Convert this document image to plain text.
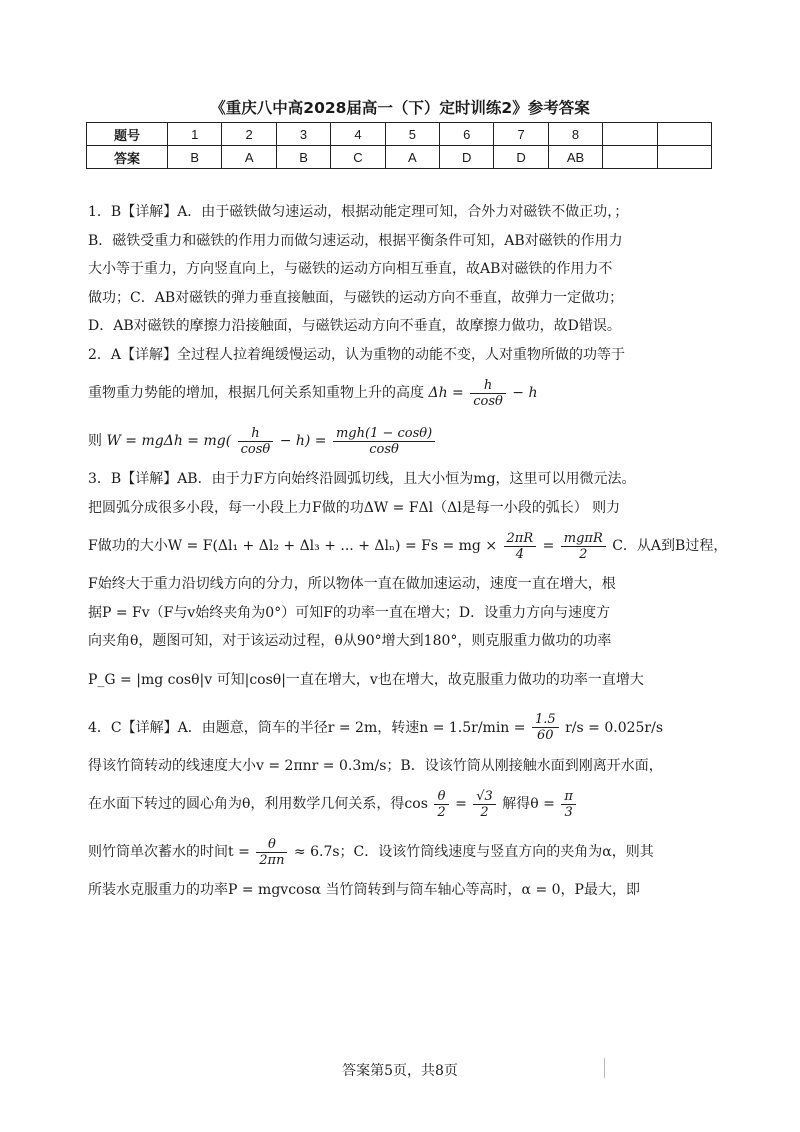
《重庆八中高2028届高一（下）定时训练2》参考答案
题号	1	2	3	4	5	6	7	8		
答案	B	A	B	C	A	D	D	AB		

1．B【详解】A．由于磁铁做匀速运动，根据动能定理可知，合外力对磁铁不做正功，；

B．磁铁受重力和磁铁的作用力而做匀速运动，根据平衡条件可知，AB对磁铁的作用力

大小等于重力，方向竖直向上，与磁铁的运动方向相互垂直，故AB对磁铁的作用力不

做功；C．AB对磁铁的弹力垂直接触面，与磁铁的运动方向不垂直，故弹力一定做功；

D．AB对磁铁的摩擦力沿接触面，与磁铁运动方向不垂直，故摩擦力做功，故D错误。

2．A【详解】全过程人拉着绳缓慢运动，认为重物的动能不变，人对重物所做的功等于

重物重力势能的增加，根据几何关系知重物上升的高度 $\Delta h = \frac{h}{\cos\theta} - h$

则 $W = mg\Delta h = mg( \frac{h}{\cos\theta} - h) = \frac{\text{mgh(1 − cosθ)}}{\cos\theta}$

3．B【详解】AB．由于力F方向始终沿圆弧切线，且大小恒为mg，这里可以用微元法。

把圆弧分成很多小段，每一小段上力F做的功ΔW = FΔl（Δl是每一小段的弧长） 则力

F做功的大小W = F(Δl₁ + Δl₂ + Δl₃ + ... + Δlₙ) = Fs = mg × $\frac{2\pi R}{4} = \frac{\text{mgπR}}{2}$ C．从A到B过程，

F始终大于重力沿切线方向的分力，所以物体一直在做加速运动，速度一直在增大，根

据P = Fv（F与v始终夹角为0°）可知F的功率一直在增大；D．设重力方向与速度方

向夹角θ，题图可知，对于该运动过程，θ从90°增大到180°，则克服重力做功的功率

P_G = |mg cosθ|v 可知|cosθ|一直在增大，v也在增大，故克服重力做功的功率一直增大

4．C【详解】A．由题意，筒车的半径r = 2m，转速$n = 1.5r/\min = \frac{1.5}{60} r/s = 0.025r/s$

得该竹筒转动的线速度大小v = 2πnr = 0.3m/s；B．设该竹筒从刚接触水面到刚离开水面，

在水面下转过的圆心角为θ，利用数学几何关系，得$\cos \frac{\theta}{2} = \frac{√3}{2}$ 解得$\theta = \frac{\pi}{3}$

则竹筒单次蓄水的时间$t = \frac{\theta}{2\pi n} \approx 6.7s$；C．设该竹筒线速度与竖直方向的夹角为α，则其

所装水克服重力的功率P = mgvcosα 当竹筒转到与筒车轴心等高时，α = 0，P最大，即

答案第5页，共8页
